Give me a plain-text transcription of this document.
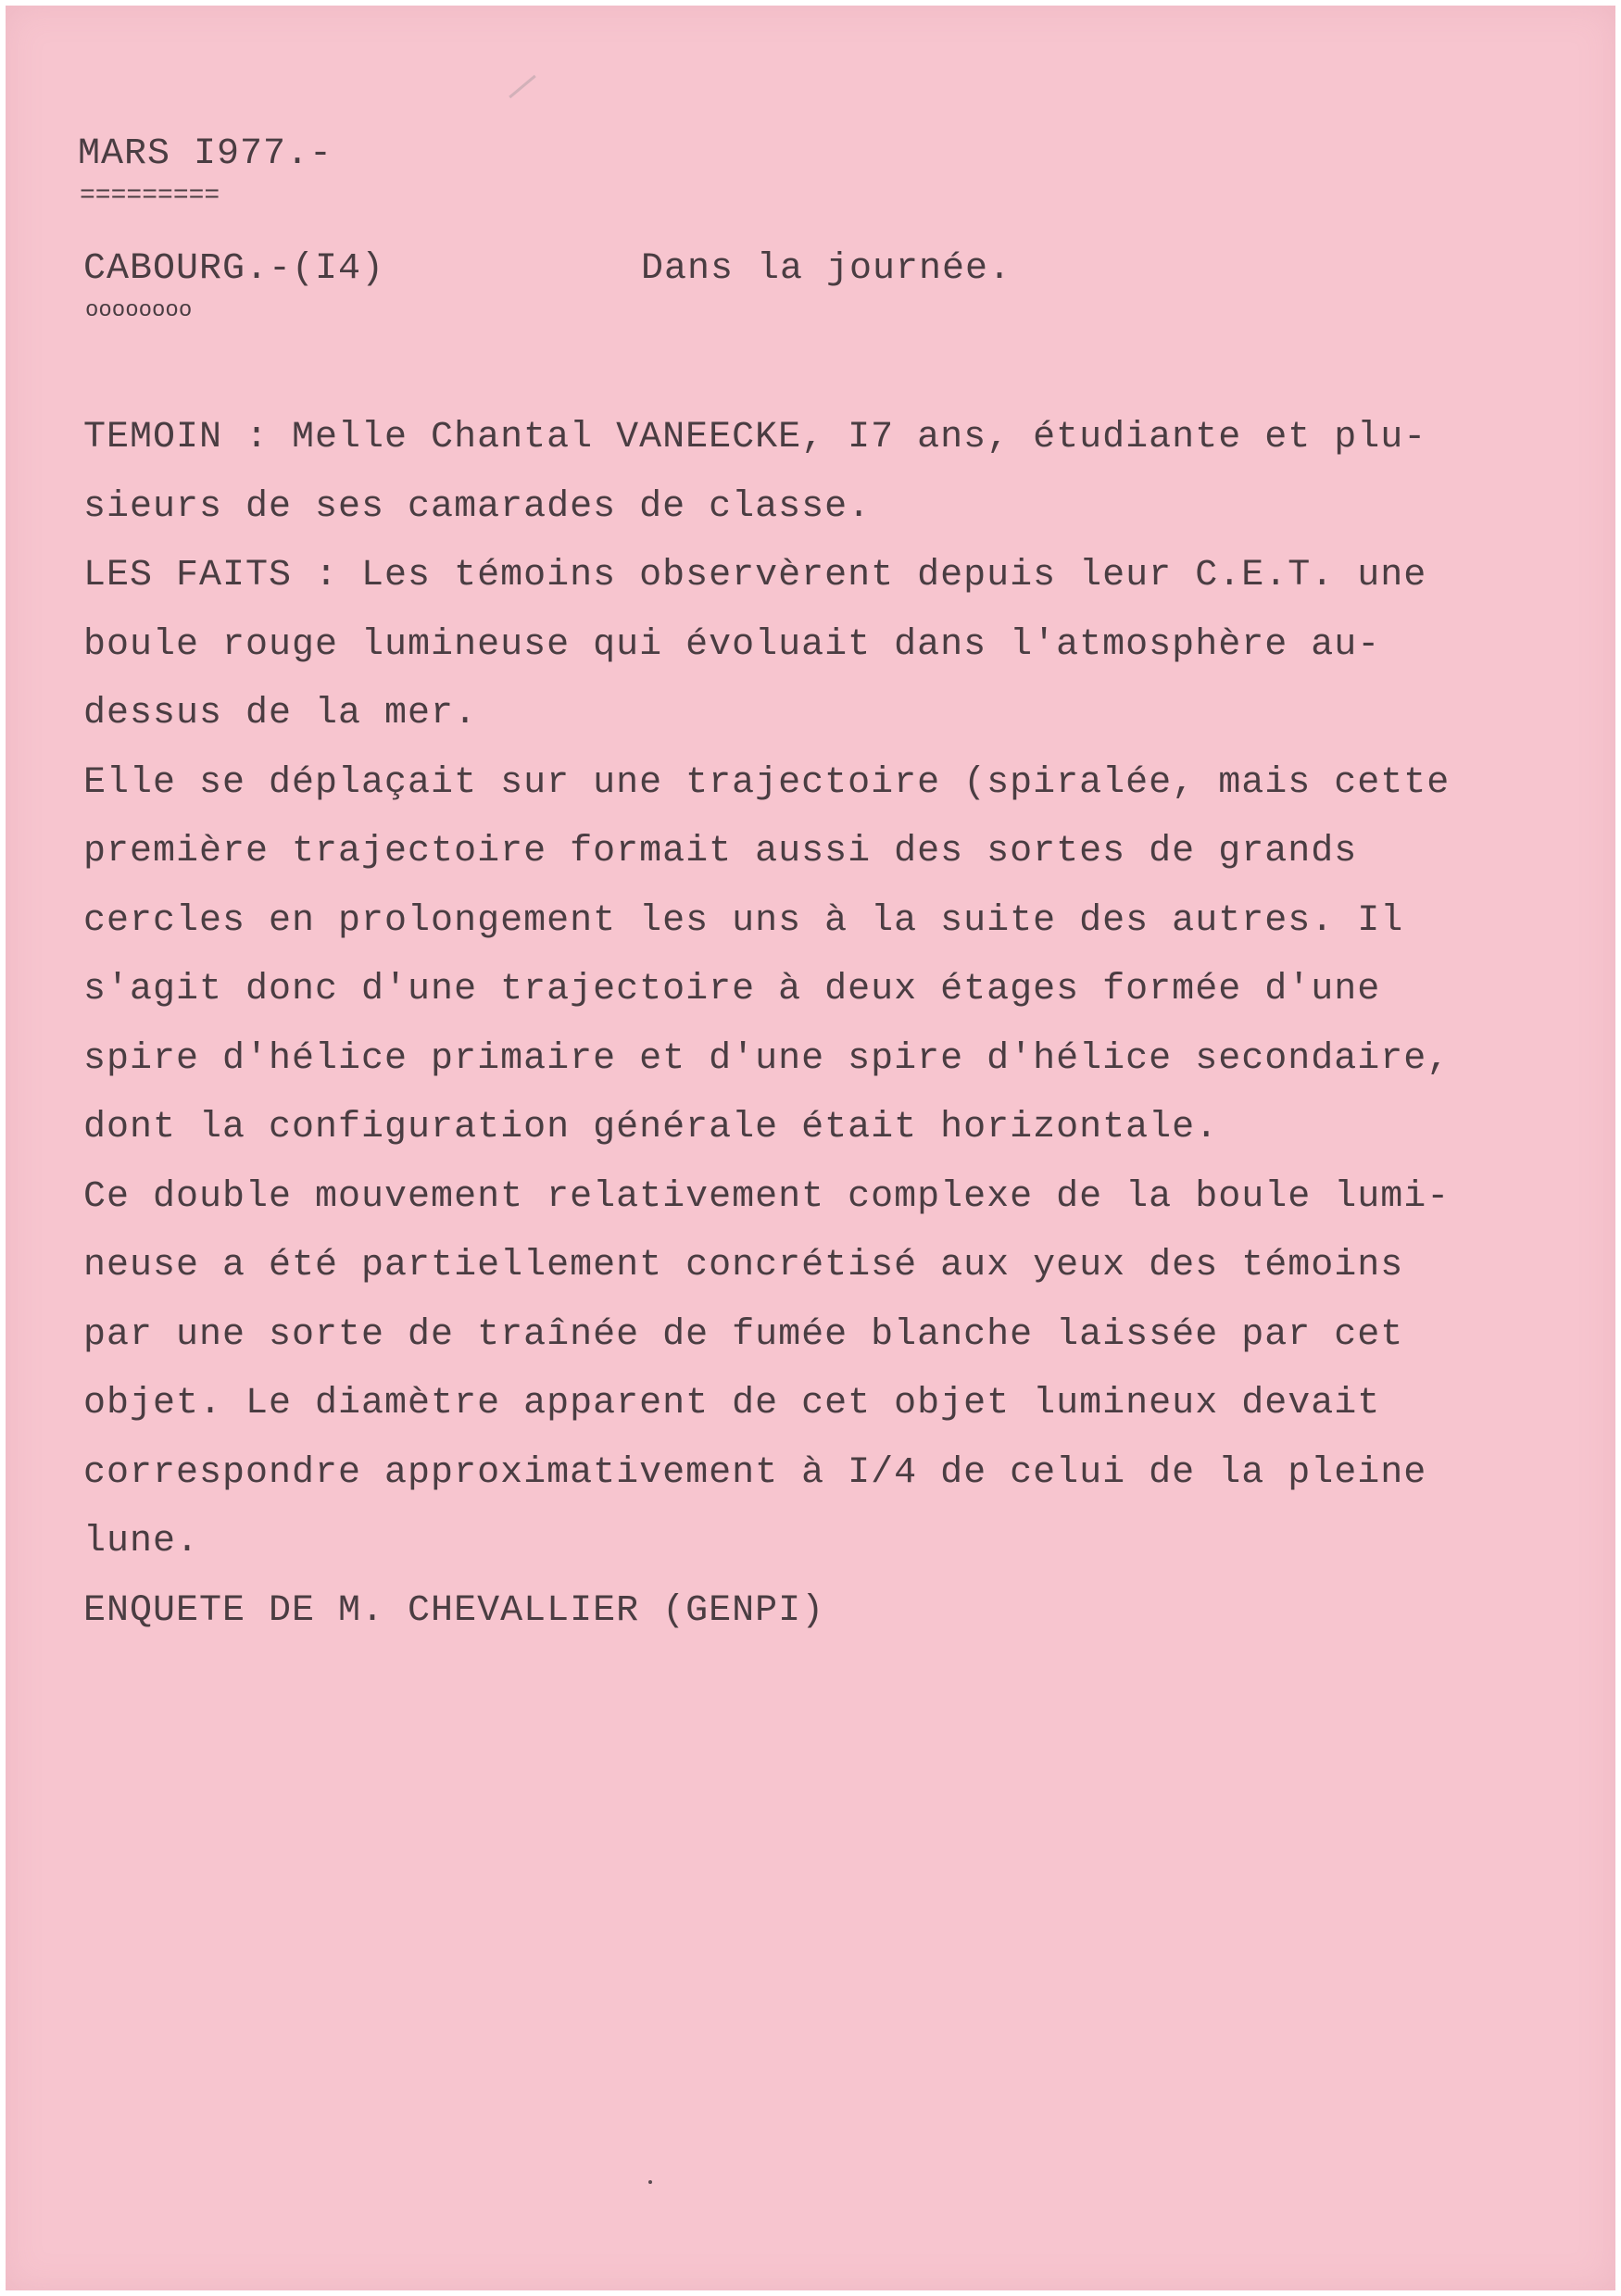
MARS I977.-

=========

CABOURG.-(I4)	Dans la journée.

oooooooo

TEMOIN : Melle Chantal VANEECKE, I7 ans, étudiante et plu-
sieurs de ses camarades de classe.
LES FAITS : Les témoins observèrent depuis leur C.E.T. une
boule rouge lumineuse qui évoluait dans l'atmosphère au-
dessus de la mer.
Elle se déplaçait sur une trajectoire (spiralée, mais cette
première trajectoire formait aussi des sortes de grands
cercles en prolongement les uns à la suite des autres. Il
s'agit donc d'une trajectoire à deux étages formée d'une
spire d'hélice primaire et d'une spire d'hélice secondaire,
dont la configuration générale était horizontale.
Ce double mouvement relativement complexe de la boule lumi-
neuse a été partiellement concrétisé aux yeux des témoins
par une sorte de traînée de fumée blanche laissée par cet
objet. Le diamètre apparent de cet objet lumineux devait
correspondre approximativement à I/4 de celui de la pleine
lune.
ENQUETE DE M. CHEVALLIER (GENPI)
